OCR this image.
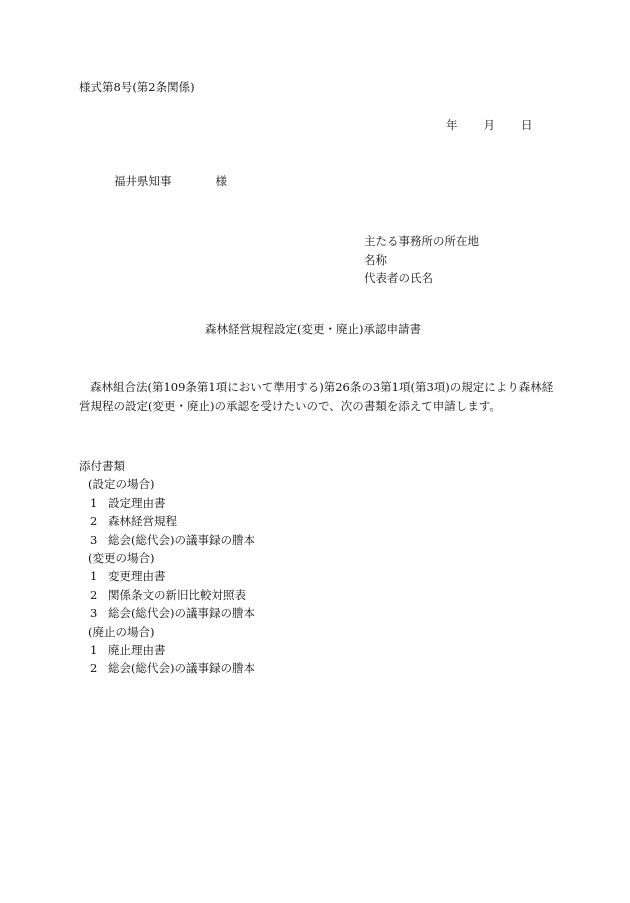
様式第8号(第2条関係)
年 月 日
福井県知事	様
主たる事務所の所在地
名称
代表者の氏名
森林経営規程設定(変更・廃止)承認申請書
森林組合法(第109条第1項において準用する)第26条の3第1項(第3項)の規定により森林経営規程の設定(変更・廃止)の承認を受けたいので、次の書類を添えて申請します。
添付書類
(設定の場合)
1 設定理由書
2 森林経営規程
3 総会(総代会)の議事録の謄本
(変更の場合)
1 変更理由書
2 関係条文の新旧比較対照表
3 総会(総代会)の議事録の謄本
(廃止の場合)
1 廃止理由書
2 総会(総代会)の議事録の謄本
